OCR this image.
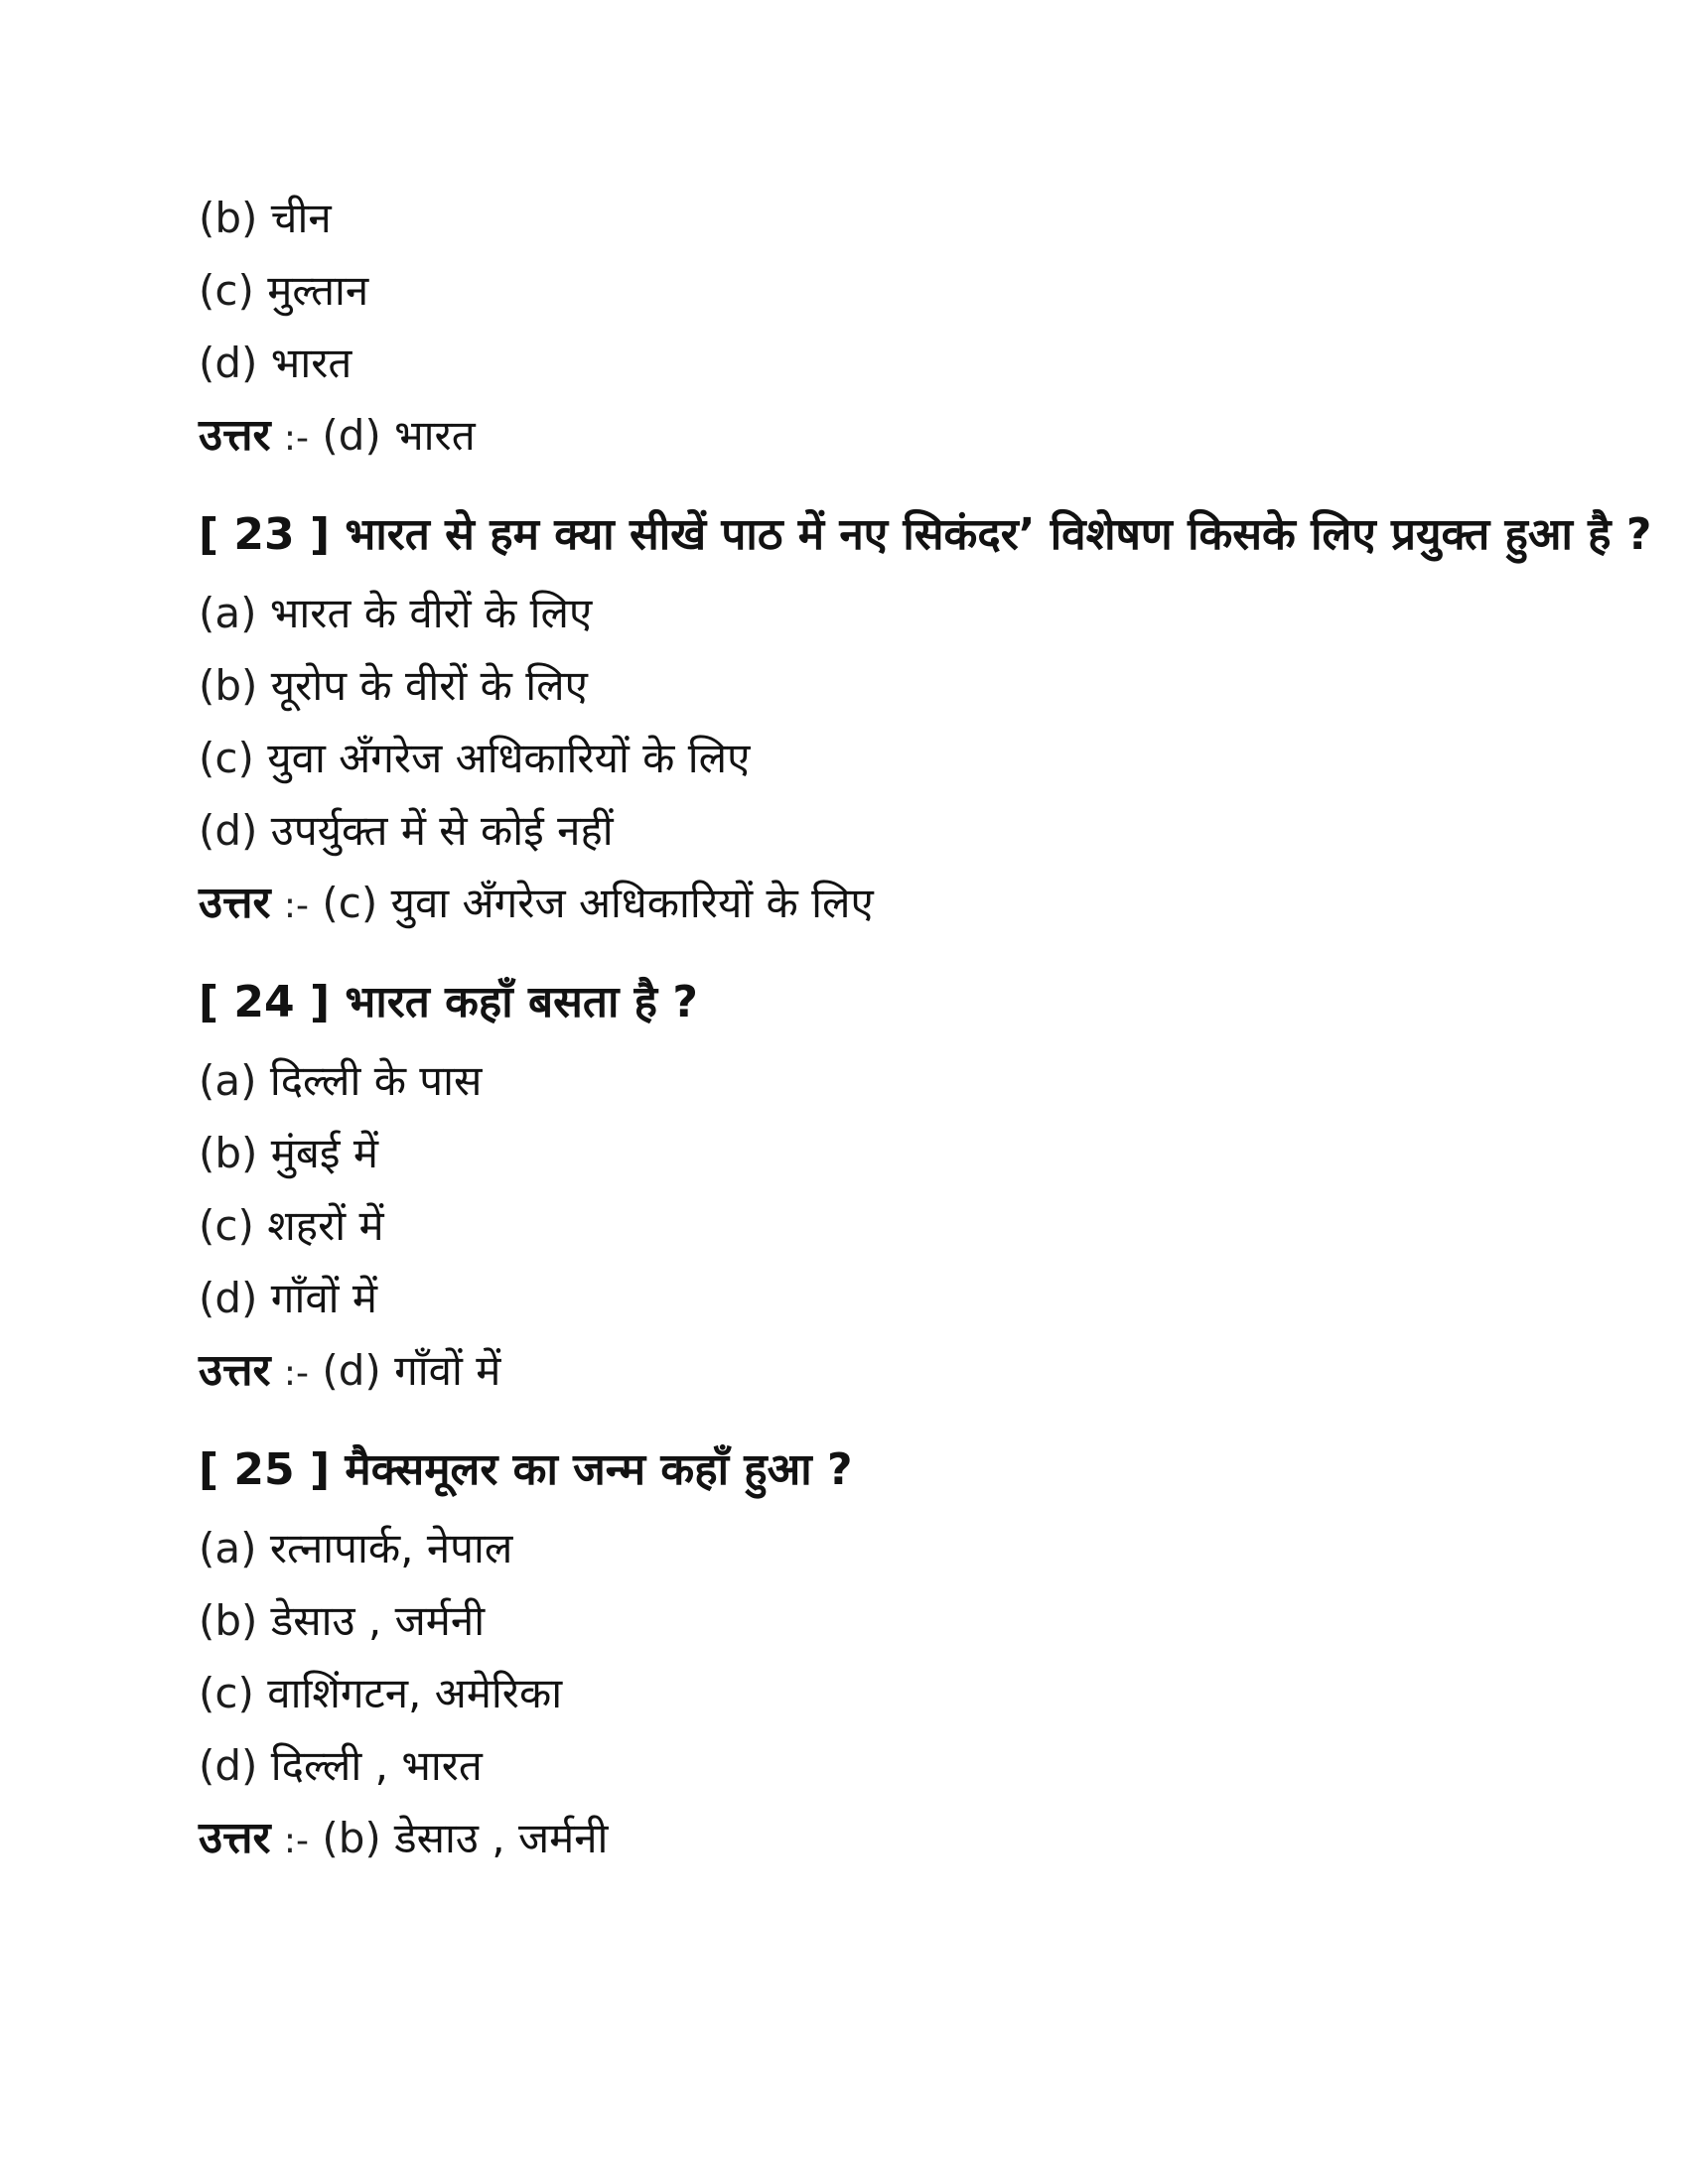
(b) चीन
(c) मुल्तान
(d) भारत
उत्तर :- (d) भारत
[ 23 ] भारत से हम क्या सीखें पाठ में नए सिकंदर’ विशेषण किसके लिए प्रयुक्त हुआ है ?
(a) भारत के वीरों के लिए
(b) यूरोप के वीरों के लिए
(c) युवा अँगरेज अधिकारियों के लिए
(d) उपर्युक्त में से कोई नहीं
उत्तर :- (c) युवा अँगरेज अधिकारियों के लिए
[ 24 ] भारत कहाँ बसता है ?
(a) दिल्ली के पास
(b) मुंबई में
(c) शहरों में
(d) गाँवों में
उत्तर :- (d) गाँवों में
[ 25 ] मैक्समूलर का जन्म कहाँ हुआ ?
(a) रत्नापार्क, नेपाल
(b) डेसाउ , जर्मनी
(c) वाशिंगटन, अमेरिका
(d) दिल्ली , भारत
उत्तर :- (b) डेसाउ , जर्मनी
